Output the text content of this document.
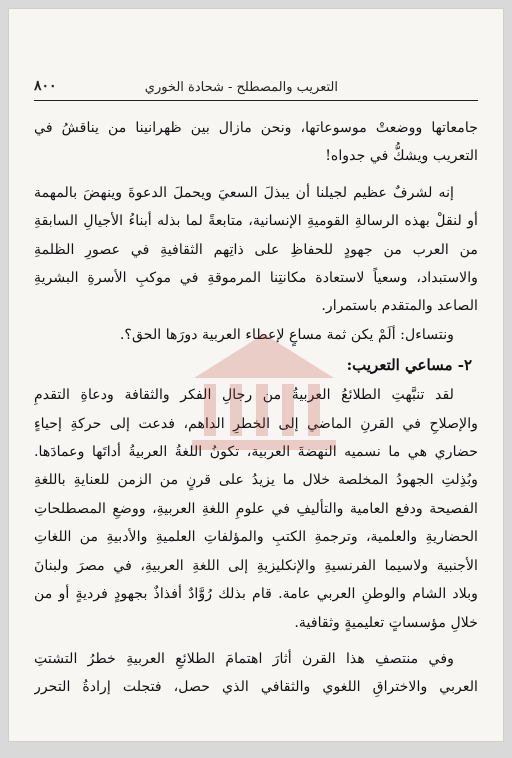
التعريب والمصطلح - شحادة الخوري
٨٠٠
جامعاتها ووضعتْ موسوعاتها، ونحن مازال بين ظهرانينا من يناقشُ في
التعريب ويشكُّ في جدواه!
إنه لشرفٌ عظيم لجيلنا أن يبذلَ السعيَ ويحملَ الدعوةَ وينهضَ بالمهمة
أو لنقلْ بهذه الرسالةِ القوميةِ الإنسانية، متابعةً لما بذله أبناءُ الأجيالِ السابقةِ
من العرب من جهودٍ للحفاظِ على ذاتِهم الثقافيةِ في عصورِ الظلمةِ
والاستبداد، وسعياً لاستعادة مكانتِنا المرموقةِ في موكبِ الأسرةِ البشريةِ
الصاعد والمتقدم باستمرار.
ونتساءل: ألَمْ يكن ثمة مساعٍ لإعطاء العربية دورَها الحق؟.
٢- مساعي التعريب:
لقد تنبَّهتِ الطلائعُ العربيةُ من رجالِ الفكر والثقافة ودعاةِ التقدمِ
والإصلاحِ في القرنِ الماضي إلى الخطرِ الداهم، فدعت إلى حركةِ إحياءٍ
حضاري هي ما نسميه النهضةَ العربية، تكونُ اللغةُ العربيةُ أداتَها وعمادَها.
وبُذِلتِ الجهودُ المخلصة خلال ما يزيدُ على قرنٍ من الزمن للعنايةِ باللغةِ
الفصيحة ودفع العامية والتأليفِ في علومِ اللغةِ العربيةِ، ووضعِ المصطلحاتِ
الحضاريةِ والعلمية، وترجمةِ الكتبِ والمؤلفاتِ العلميةِ والأدبيةِ من اللغاتِ
الأجنبية ولاسيما الفرنسيةِ والإنكليزيةِ إلى اللغةِ العربيةِ، في مصرَ ولبنانَ
وبلاد الشام والوطنِ العربي عامة. قام بذلك رُوَّادٌ أفذاذٌ بجهودٍ فرديةٍ أو من
خلالِ مؤسساتٍ تعليميةٍ وثقافية.
وفي منتصفِ هذا القرن أثارَ اهتمامَ الطلائعِ العربيةِ خطرُ التشتتِ
العربي والاختراقِ اللغوي والثقافي الذي حصل، فتجلت إرادةُ التحرر
